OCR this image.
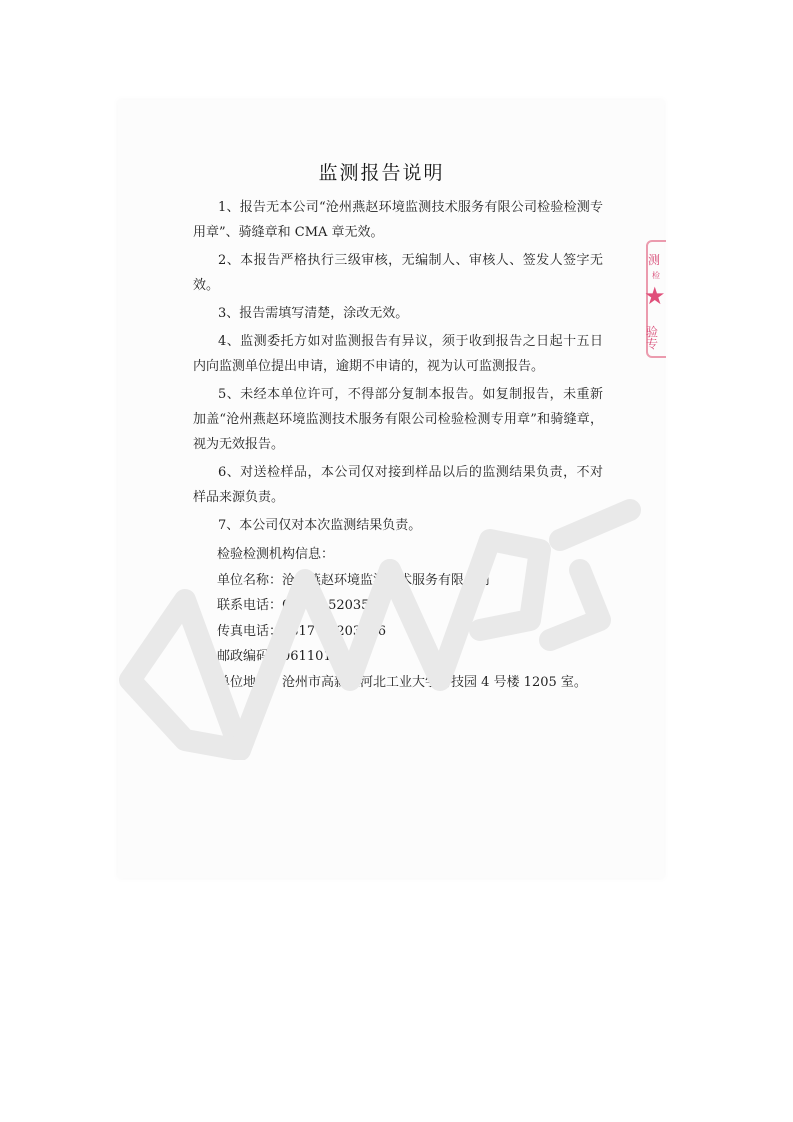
监测报告说明

1、报告无本公司“沧州燕赵环境监测技术服务有限公司检验检测专用章”、骑缝章和 CMA 章无效。

2、本报告严格执行三级审核，无编制人、审核人、签发人签字无效。

3、报告需填写清楚，涂改无效。

4、监测委托方如对监测报告有异议，须于收到报告之日起十五日内向监测单位提出申请，逾期不申请的，视为认可监测报告。

5、未经本单位许可，不得部分复制本报告。如复制报告，未重新加盖“沧州燕赵环境监测技术服务有限公司检验检测专用章”和骑缝章，视为无效报告。

6、对送检样品，本公司仅对接到样品以后的监测结果负责，不对样品来源负责。

7、本公司仅对本次监测结果负责。

检验检测机构信息：
单位名称：沧州燕赵环境监测技术服务有限公司
联系电话：0317－5203556
传真电话：0317－5203556
邮政编码：061101
单位地址：沧州市高新区河北工业大学科技园 4 号楼 1205 室。
测
检
★
验专
